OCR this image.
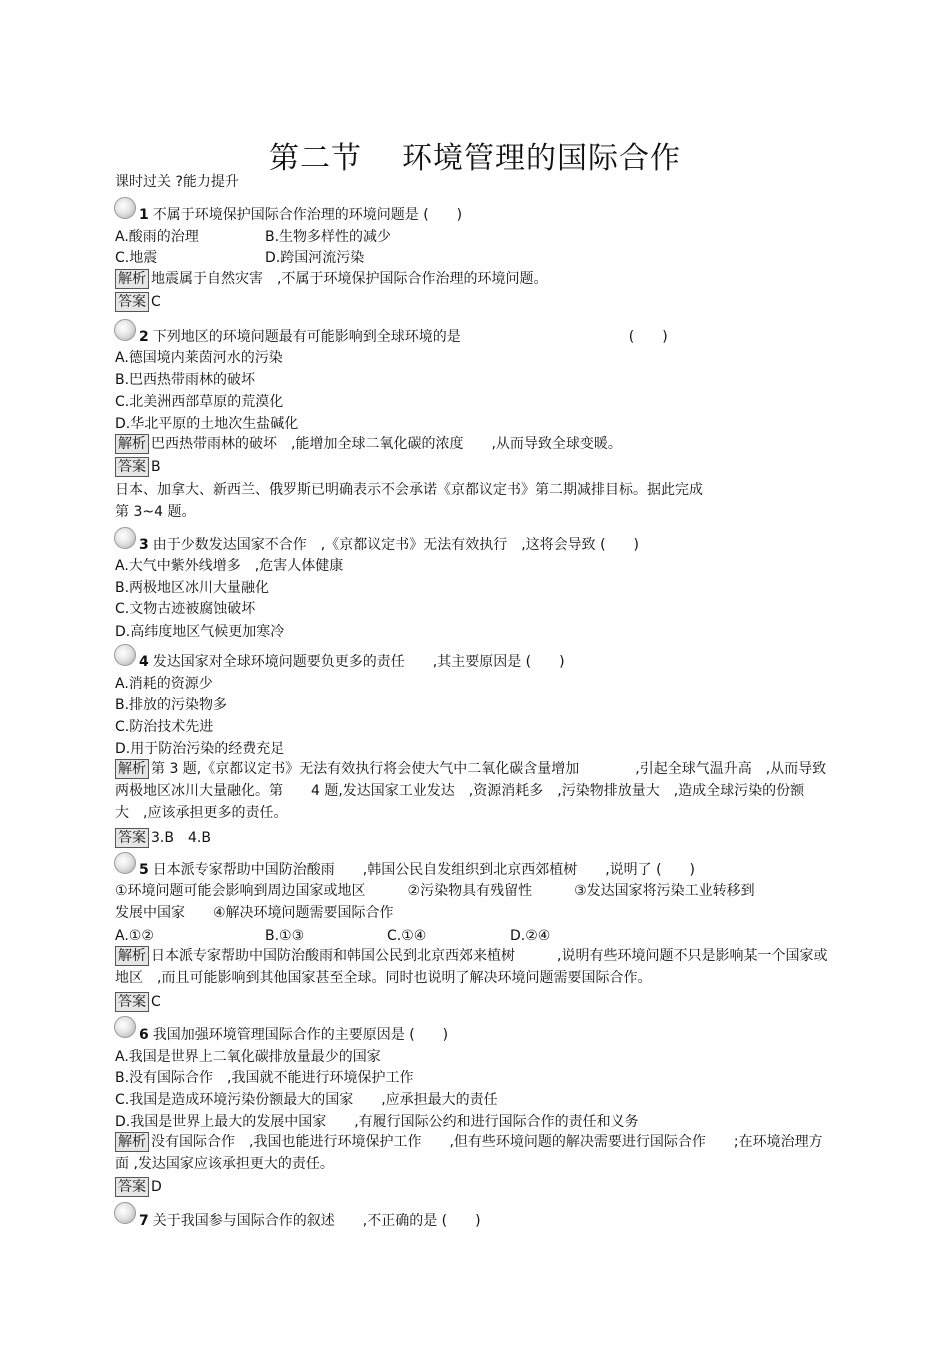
第二节 环境管理的国际合作
课时过关 ?能力提升
1 不属于环境保护国际合作治理的环境问题是 (　　)
A.酸雨的治理	B.生物多样性的减少
C.地震	D.跨国河流污染
解析 地震属于自然灾害　,不属于环境保护国际合作治理的环境问题。
答案 C
2 下列地区的环境问题最有可能影响到全球环境的是　　　　　　　　　　　　(　　)
A.德国境内莱茵河水的污染
B.巴西热带雨林的破坏
C.北美洲西部草原的荒漠化
D.华北平原的土地次生盐碱化
解析 巴西热带雨林的破坏　,能增加全球二氧化碳的浓度　　,从而导致全球变暖。
答案 B
日本、加拿大、新西兰、俄罗斯已明确表示不会承诺《京都议定书》第二期减排目标。据此完成
第 3~4 题。
3 由于少数发达国家不合作　,《京都议定书》无法有效执行　,这将会导致 (　　)
A.大气中紫外线增多　,危害人体健康
B.两极地区冰川大量融化
C.文物古迹被腐蚀破坏
D.高纬度地区气候更加寒冷
4 发达国家对全球环境问题要负更多的责任　　,其主要原因是 (　　)
A.消耗的资源少
B.排放的污染物多
C.防治技术先进
D.用于防治污染的经费充足
解析 第 3 题,《京都议定书》无法有效执行将会使大气中二氧化碳含量增加　　　　,引起全球气温升高　,从而导致两极地区冰川大量融化。第　　4 题,发达国家工业发达　,资源消耗多　,污染物排放量大　,造成全球污染的份额大　,应该承担更多的责任。
答案 3.B　4.B
5 日本派专家帮助中国防治酸雨　　,韩国公民自发组织到北京西郊植树　　,说明了 (　　)
①环境问题可能会影响到周边国家或地区　　　②污染物具有残留性　　　③发达国家将污染工业转移到
发展中国家　　④解决环境问题需要国际合作
A.①②	B.①③	C.①④	D.②④
解析 日本派专家帮助中国防治酸雨和韩国公民到北京西郊来植树　　　,说明有些环境问题不只是影响某一个国家或地区　,而且可能影响到其他国家甚至全球。同时也说明了解决环境问题需要国际合作。
答案 C
6 我国加强环境管理国际合作的主要原因是 (　　)
A.我国是世界上二氧化碳排放量最少的国家
B.没有国际合作　,我国就不能进行环境保护工作
C.我国是造成环境污染份额最大的国家　　,应承担最大的责任
D.我国是世界上最大的发展中国家　　,有履行国际公约和进行国际合作的责任和义务
解析 没有国际合作　,我国也能进行环境保护工作　　,但有些环境问题的解决需要进行国际合作　　;在环境治理方面 ,发达国家应该承担更大的责任。
答案 D
7 关于我国参与国际合作的叙述　　,不正确的是 (　　)
